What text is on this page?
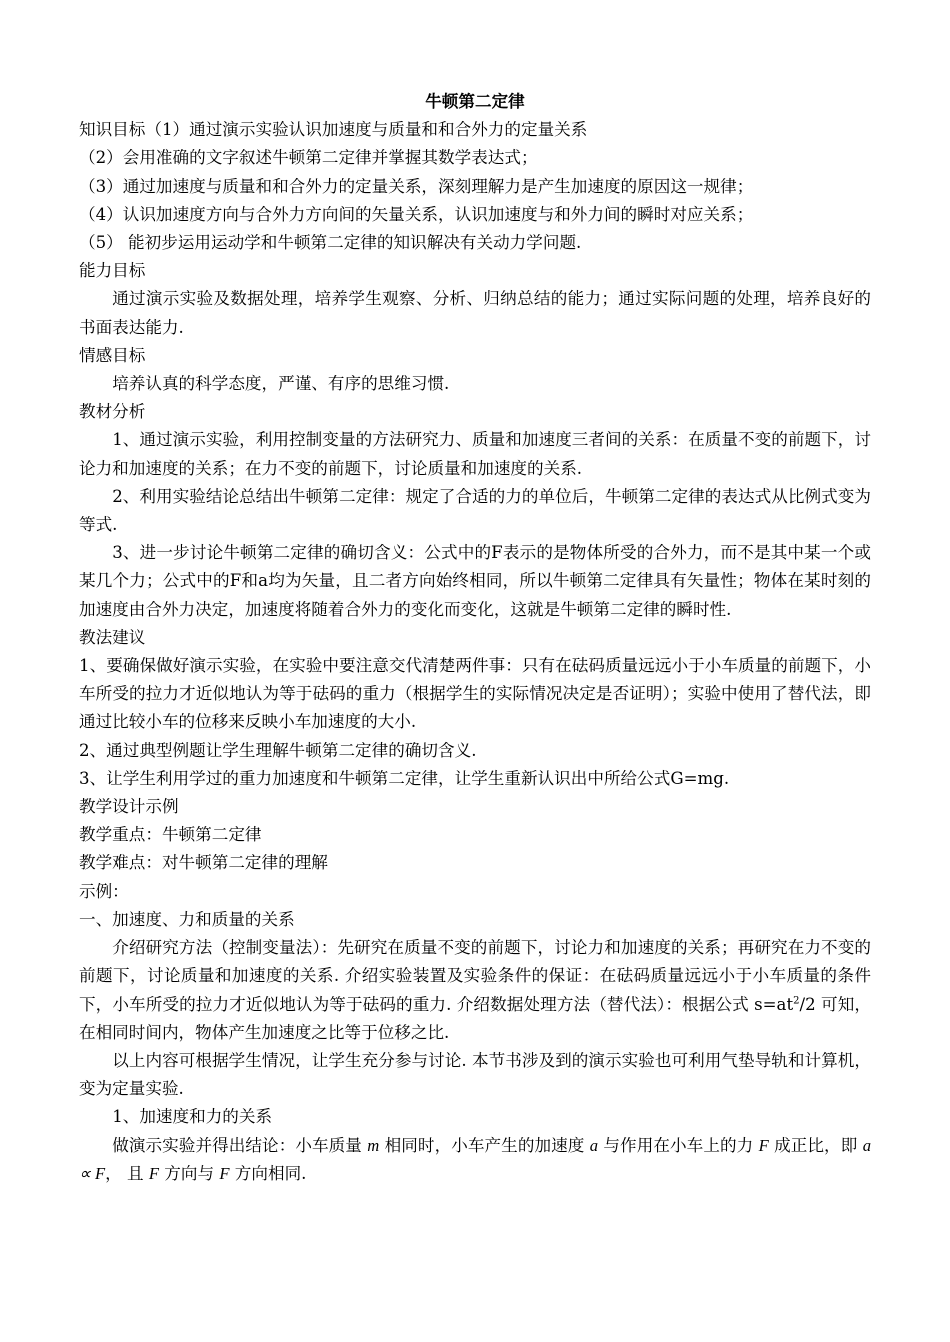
牛顿第二定律

知识目标（1）通过演示实验认识加速度与质量和和合外力的定量关系

（2）会用准确的文字叙述牛顿第二定律并掌握其数学表达式；

（3）通过加速度与质量和和合外力的定量关系，深刻理解力是产生加速度的原因这一规律；

（4）认识加速度方向与合外力方向间的矢量关系，认识加速度与和外力间的瞬时对应关系；

（5） 能初步运用运动学和牛顿第二定律的知识解决有关动力学问题.

能力目标

通过演示实验及数据处理，培养学生观察、分析、归纳总结的能力；通过实际问题的处理，培养良好的书面表达能力.

情感目标

培养认真的科学态度，严谨、有序的思维习惯.

教材分析

1、通过演示实验，利用控制变量的方法研究力、质量和加速度三者间的关系：在质量不变的前题下，讨论力和加速度的关系；在力不变的前题下，讨论质量和加速度的关系.

2、利用实验结论总结出牛顿第二定律：规定了合适的力的单位后，牛顿第二定律的表达式从比例式变为等式.

3、进一步讨论牛顿第二定律的确切含义：公式中的F表示的是物体所受的合外力，而不是其中某一个或某几个力；公式中的F和a均为矢量，且二者方向始终相同，所以牛顿第二定律具有矢量性；物体在某时刻的加速度由合外力决定，加速度将随着合外力的变化而变化，这就是牛顿第二定律的瞬时性.

教法建议

1、要确保做好演示实验，在实验中要注意交代清楚两件事：只有在砝码质量远远小于小车质量的前题下，小车所受的拉力才近似地认为等于砝码的重力（根据学生的实际情况决定是否证明）；实验中使用了替代法，即通过比较小车的位移来反映小车加速度的大小.

2、通过典型例题让学生理解牛顿第二定律的确切含义.

3、让学生利用学过的重力加速度和牛顿第二定律，让学生重新认识出中所给公式G=mg.

教学设计示例

教学重点：牛顿第二定律

教学难点：对牛顿第二定律的理解

示例：

一、加速度、力和质量的关系

介绍研究方法（控制变量法）：先研究在质量不变的前题下，讨论力和加速度的关系；再研究在力不变的前题下，讨论质量和加速度的关系. 介绍实验装置及实验条件的保证：在砝码质量远远小于小车质量的条件下，小车所受的拉力才近似地认为等于砝码的重力. 介绍数据处理方法（替代法）：根据公式 $s=at^2/2$ 可知，在相同时间内，物体产生加速度之比等于位移之比.

以上内容可根据学生情况，让学生充分参与讨论. 本节书涉及到的演示实验也可利用气垫导轨和计算机，变为定量实验.

1、加速度和力的关系

做演示实验并得出结论：小车质量 m 相同时，小车产生的加速度 a 与作用在小车上的力 F 成正比，即 a ∝ F， 且 F 方向与 F 方向相同.
